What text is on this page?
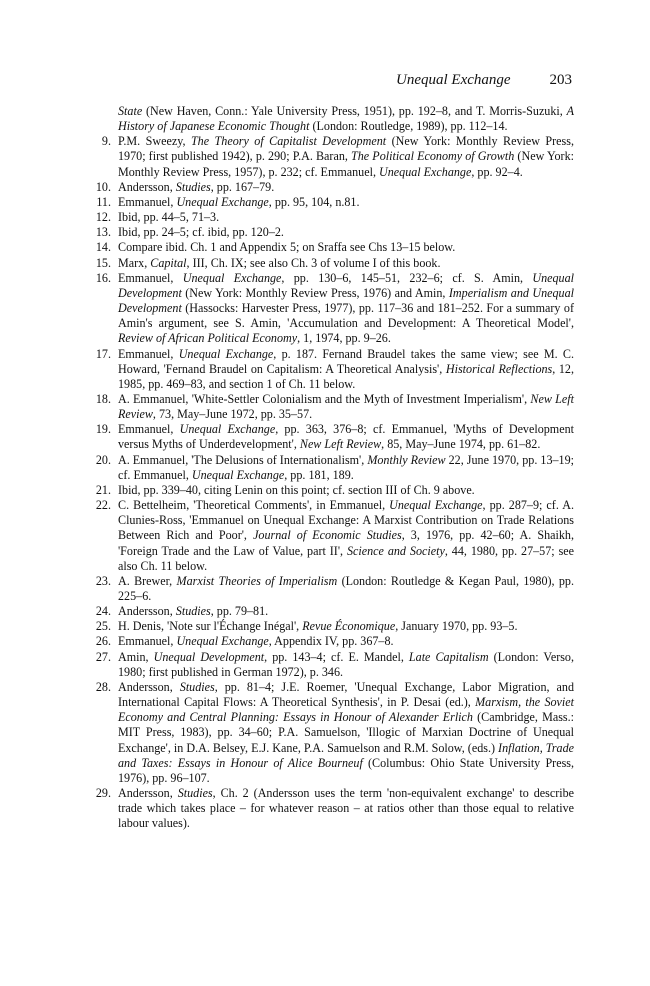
Unequal Exchange	203

State (New Haven, Conn.: Yale University Press, 1951), pp. 192–8, and T. Morris-Suzuki, A History of Japanese Economic Thought (London: Routledge, 1989), pp. 112–14.

9. P.M. Sweezy, The Theory of Capitalist Development (New York: Monthly Review Press, 1970; first published 1942), p. 290; P.A. Baran, The Political Economy of Growth (New York: Monthly Review Press, 1957), p. 232; cf. Emmanuel, Unequal Exchange, pp. 92–4.

10. Andersson, Studies, pp. 167–79.

11. Emmanuel, Unequal Exchange, pp. 95, 104, n.81.

12. Ibid, pp. 44–5, 71–3.

13. Ibid, pp. 24–5; cf. ibid, pp. 120–2.

14. Compare ibid. Ch. 1 and Appendix 5; on Sraffa see Chs 13–15 below.

15. Marx, Capital, III, Ch. IX; see also Ch. 3 of volume I of this book.

16. Emmanuel, Unequal Exchange, pp. 130–6, 145–51, 232–6; cf. S. Amin, Unequal Development (New York: Monthly Review Press, 1976) and Amin, Imperialism and Unequal Development (Hassocks: Harvester Press, 1977), pp. 117–36 and 181–252. For a summary of Amin's argument, see S. Amin, 'Accumulation and Development: A Theoretical Model', Review of African Political Economy, 1, 1974, pp. 9–26.

17. Emmanuel, Unequal Exchange, p. 187. Fernand Braudel takes the same view; see M. C. Howard, 'Fernand Braudel on Capitalism: A Theoretical Analysis', Historical Reflections, 12, 1985, pp. 469–83, and section 1 of Ch. 11 below.

18. A. Emmanuel, 'White-Settler Colonialism and the Myth of Investment Imperialism', New Left Review, 73, May–June 1972, pp. 35–57.

19. Emmanuel, Unequal Exchange, pp. 363, 376–8; cf. Emmanuel, 'Myths of Development versus Myths of Underdevelopment', New Left Review, 85, May–June 1974, pp. 61–82.

20. A. Emmanuel, 'The Delusions of Internationalism', Monthly Review 22, June 1970, pp. 13–19; cf. Emmanuel, Unequal Exchange, pp. 181, 189.

21. Ibid, pp. 339–40, citing Lenin on this point; cf. section III of Ch. 9 above.

22. C. Bettelheim, 'Theoretical Comments', in Emmanuel, Unequal Exchange, pp. 287–9; cf. A. Clunies-Ross, 'Emmanuel on Unequal Exchange: A Marxist Contribution on Trade Relations Between Rich and Poor', Journal of Economic Studies, 3, 1976, pp. 42–60; A. Shaikh, 'Foreign Trade and the Law of Value, part II', Science and Society, 44, 1980, pp. 27–57; see also Ch. 11 below.

23. A. Brewer, Marxist Theories of Imperialism (London: Routledge & Kegan Paul, 1980), pp. 225–6.

24. Andersson, Studies, pp. 79–81.

25. H. Denis, 'Note sur l'Échange Inégal', Revue Économique, January 1970, pp. 93–5.

26. Emmanuel, Unequal Exchange, Appendix IV, pp. 367–8.

27. Amin, Unequal Development, pp. 143–4; cf. E. Mandel, Late Capitalism (London: Verso, 1980; first published in German 1972), p. 346.

28. Andersson, Studies, pp. 81–4; J.E. Roemer, 'Unequal Exchange, Labor Migration, and International Capital Flows: A Theoretical Synthesis', in P. Desai (ed.), Marxism, the Soviet Economy and Central Planning: Essays in Honour of Alexander Erlich (Cambridge, Mass.: MIT Press, 1983), pp. 34–60; P.A. Samuelson, 'Illogic of Marxian Doctrine of Unequal Exchange', in D.A. Belsey, E.J. Kane, P.A. Samuelson and R.M. Solow, (eds.) Inflation, Trade and Taxes: Essays in Honour of Alice Bourneuf (Columbus: Ohio State University Press, 1976), pp. 96–107.

29. Andersson, Studies, Ch. 2 (Andersson uses the term 'non-equivalent exchange' to describe trade which takes place – for whatever reason – at ratios other than those equal to relative labour values).
